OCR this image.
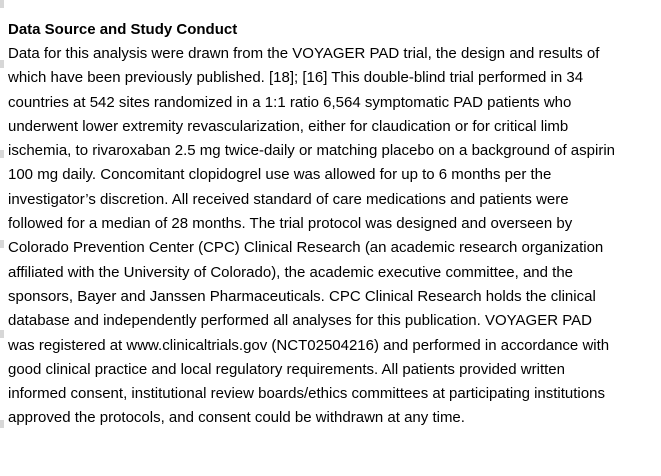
Data Source and Study Conduct
Data for this analysis were drawn from the VOYAGER PAD trial, the design and results of
which have been previously published. [18]; [16] This double-blind trial performed in 34
countries at 542 sites randomized in a 1:1 ratio 6,564 symptomatic PAD patients who
underwent lower extremity revascularization, either for claudication or for critical limb
ischemia, to rivaroxaban 2.5 mg twice-daily or matching placebo on a background of aspirin
100 mg daily. Concomitant clopidogrel use was allowed for up to 6 months per the
investigator’s discretion. All received standard of care medications and patients were
followed for a median of 28 months. The trial protocol was designed and overseen by
Colorado Prevention Center (CPC) Clinical Research (an academic research organization
affiliated with the University of Colorado), the academic executive committee, and the
sponsors, Bayer and Janssen Pharmaceuticals. CPC Clinical Research holds the clinical
database and independently performed all analyses for this publication. VOYAGER PAD
was registered at www.clinicaltrials.gov (NCT02504216) and performed in accordance with
good clinical practice and local regulatory requirements. All patients provided written
informed consent, institutional review boards/ethics committees at participating institutions
approved the protocols, and consent could be withdrawn at any time.
